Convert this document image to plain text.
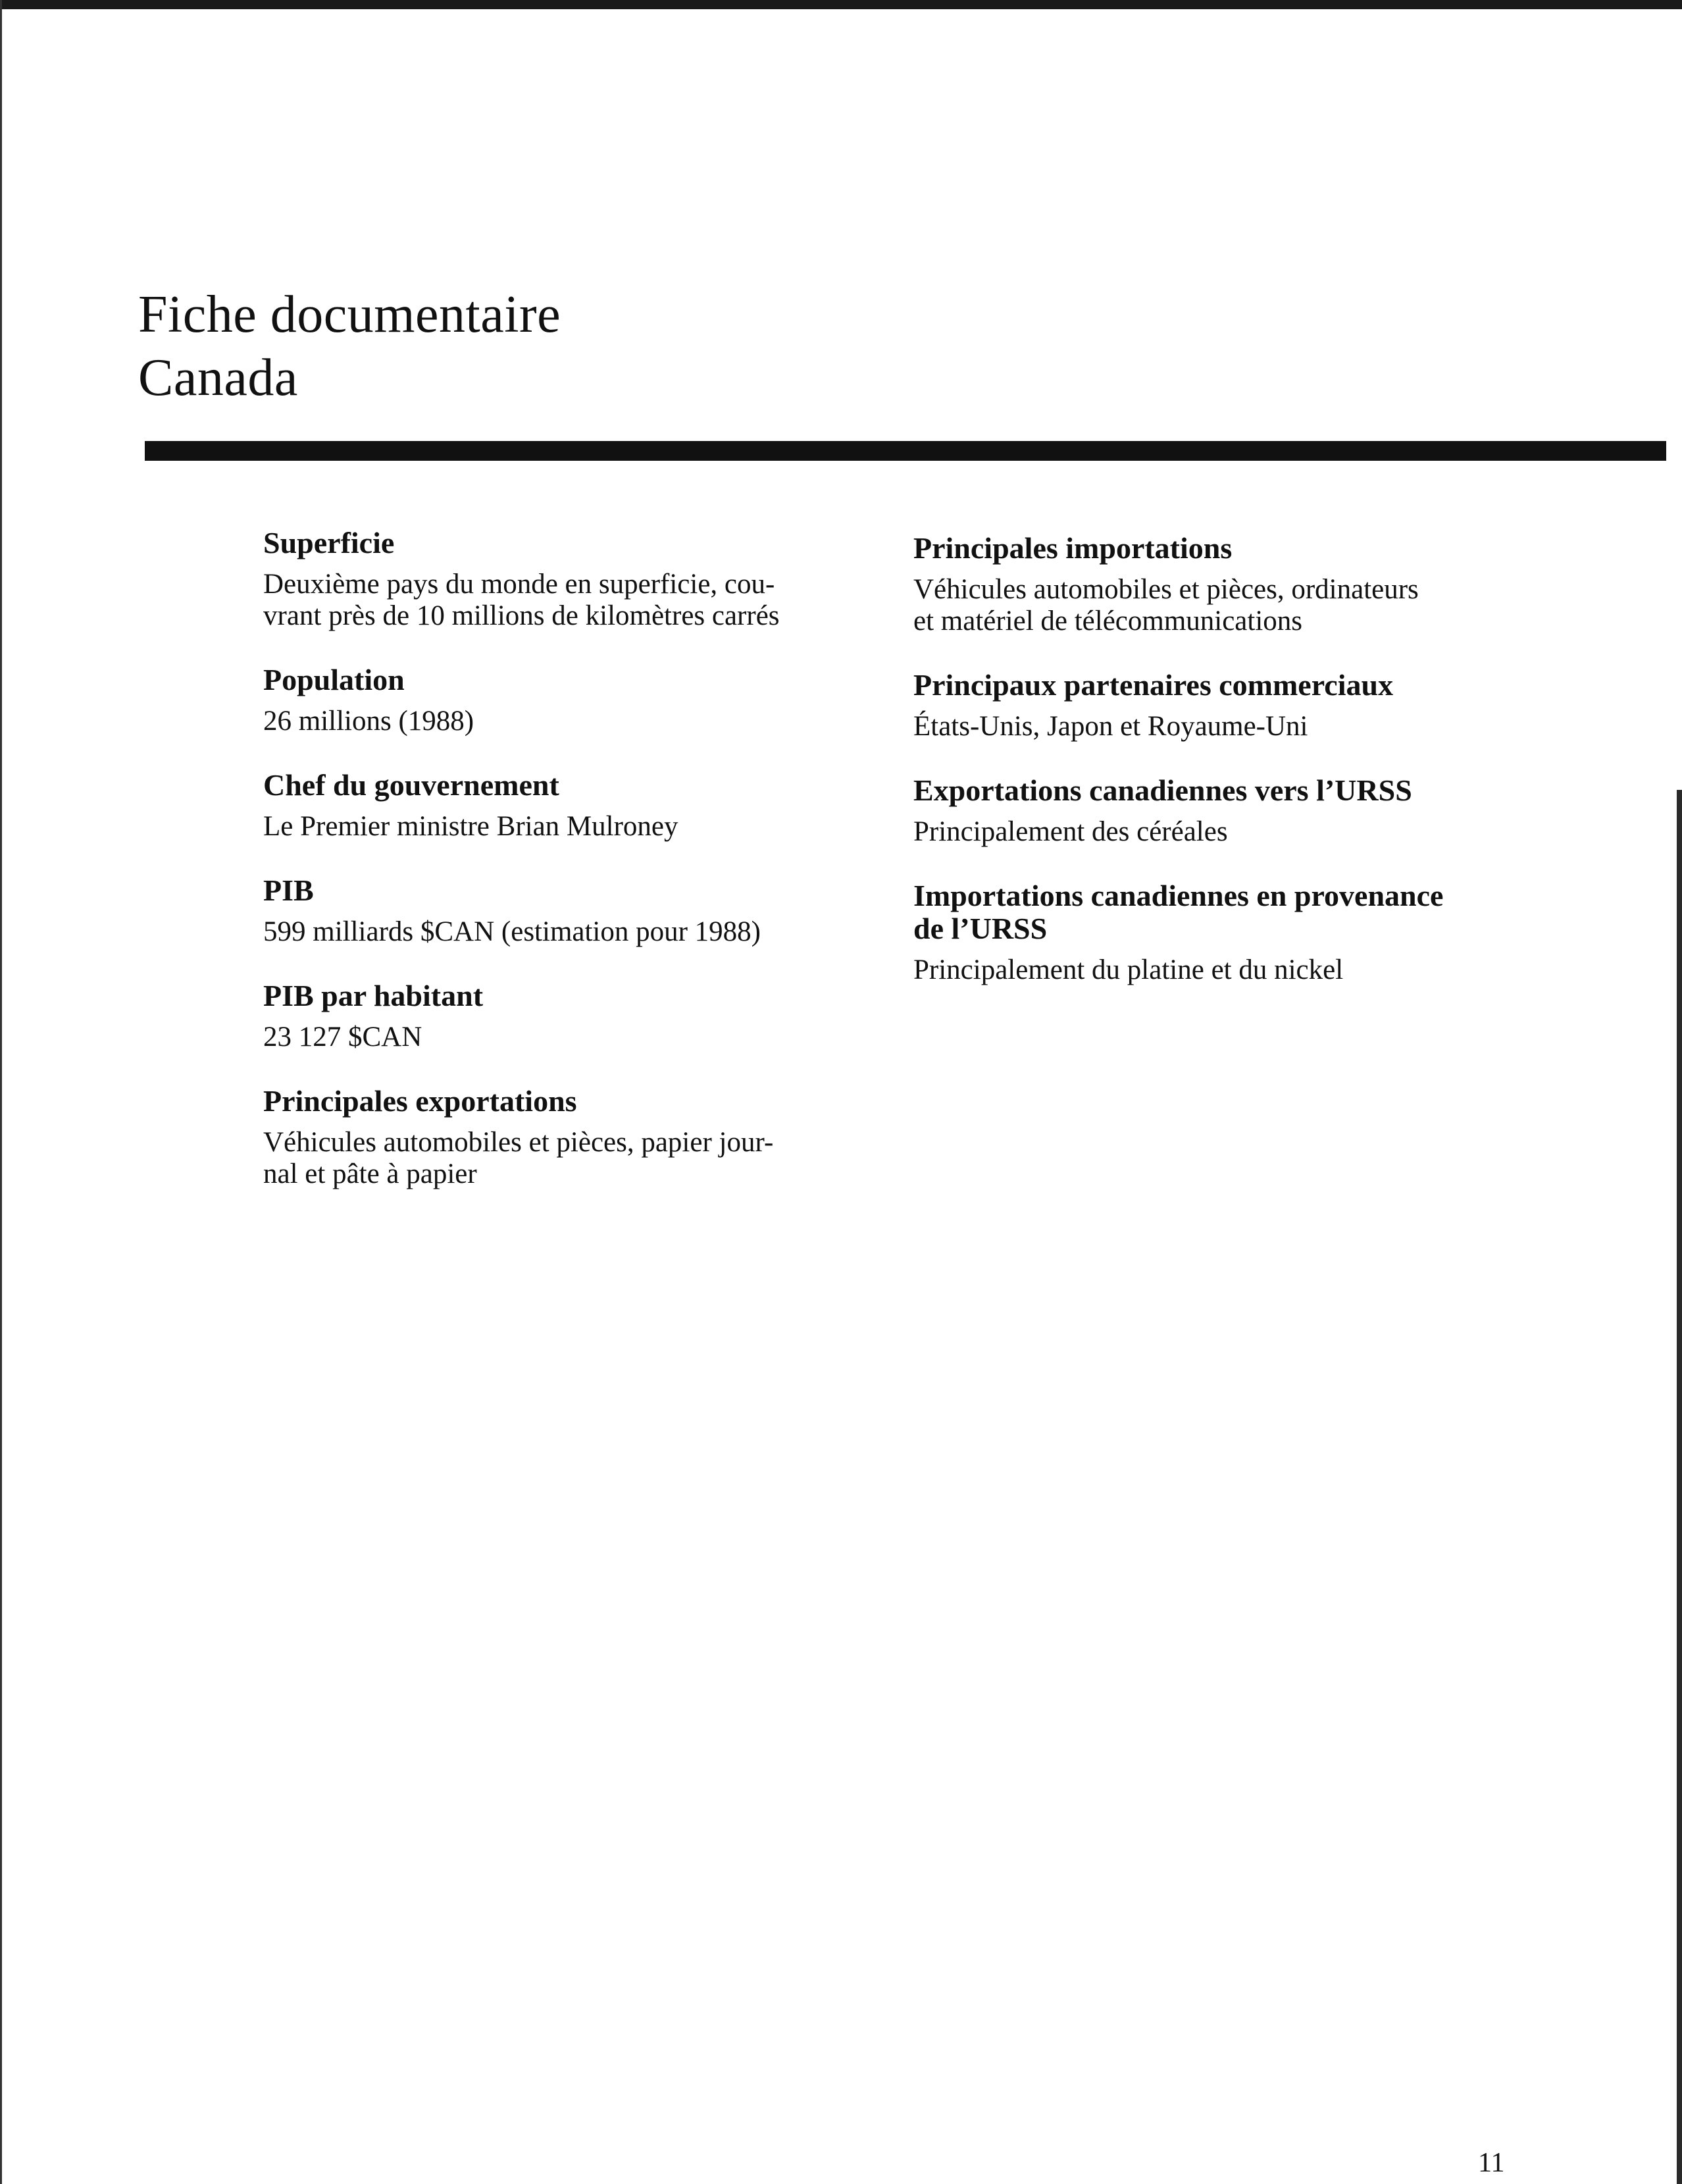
Fiche documentaire
Canada
Superficie
Deuxième pays du monde en superficie, cou-
vrant près de 10 millions de kilomètres carrés
Population
26 millions (1988)
Chef du gouvernement
Le Premier ministre Brian Mulroney
PIB
599 milliards $CAN (estimation pour 1988)
PIB par habitant
23 127 $CAN
Principales exportations
Véhicules automobiles et pièces, papier jour-
nal et pâte à papier
Principales importations
Véhicules automobiles et pièces, ordinateurs
et matériel de télécommunications
Principaux partenaires commerciaux
États-Unis, Japon et Royaume-Uni
Exportations canadiennes vers l’URSS
Principalement des céréales
Importations canadiennes en provenance
de l’URSS
Principalement du platine et du nickel
11
